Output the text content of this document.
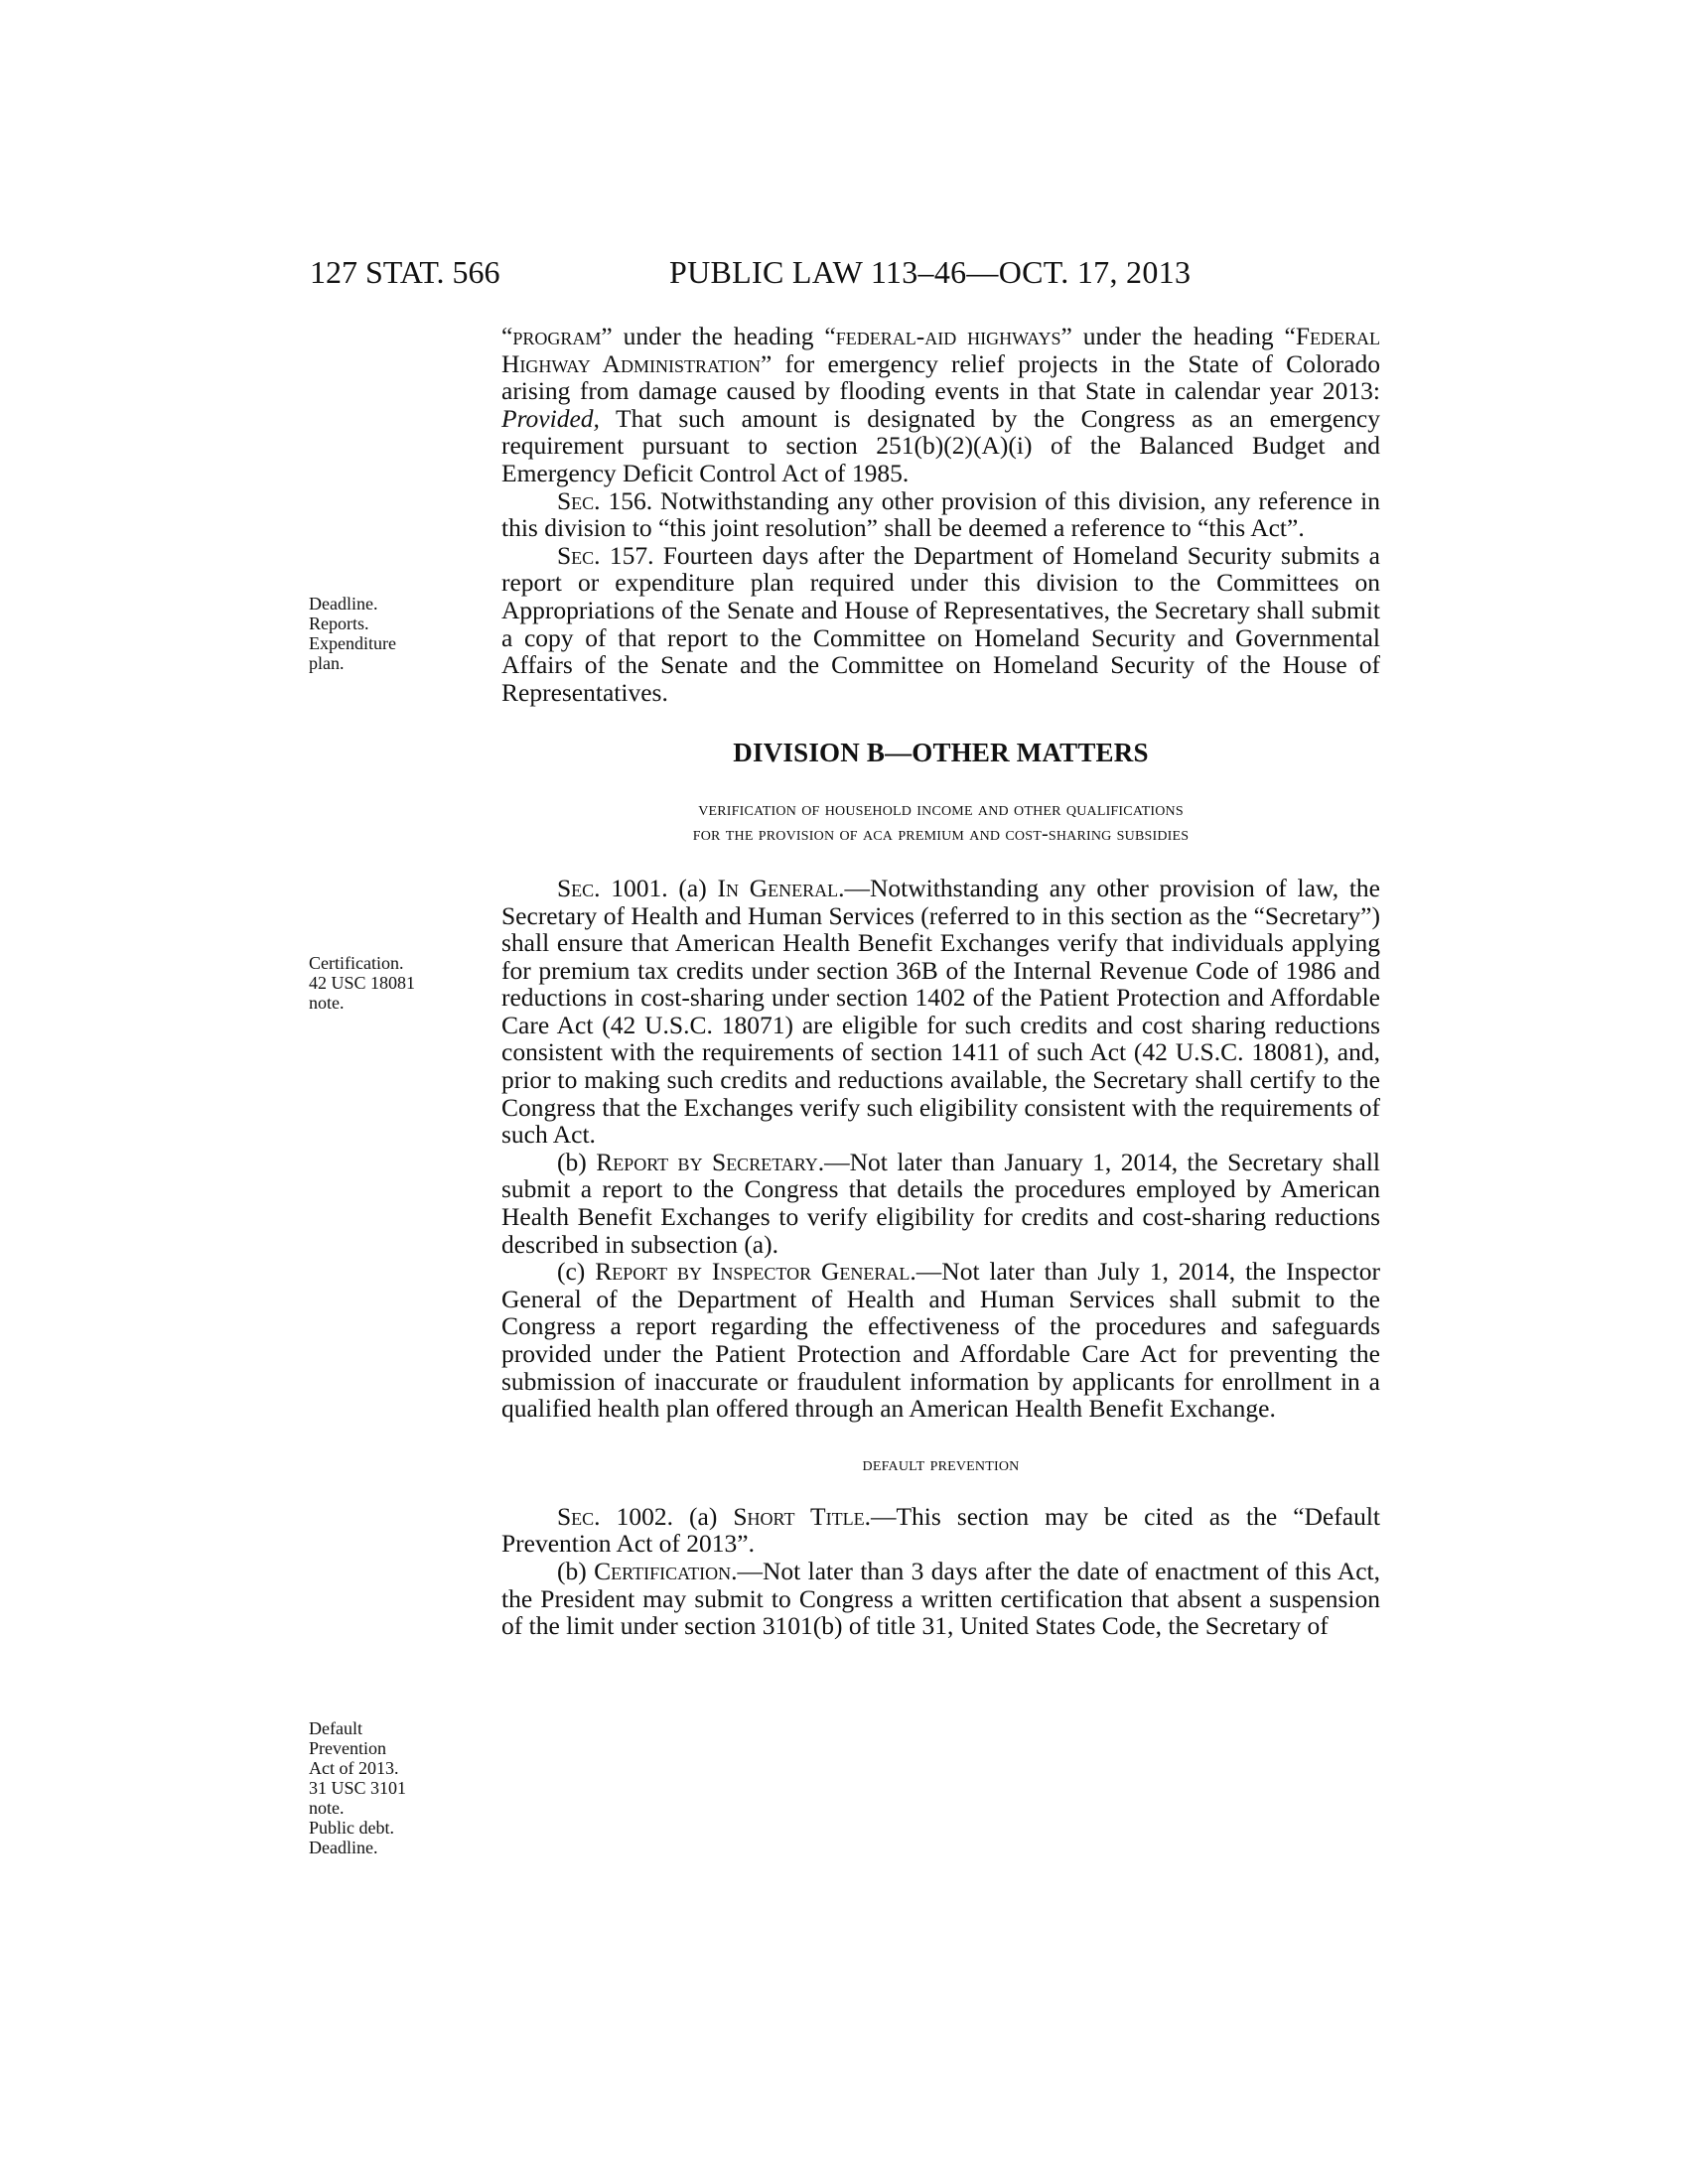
127 STAT. 566	PUBLIC LAW 113–46—OCT. 17, 2013
Deadline.
Reports.
Expenditure
plan.
Certification.
42 USC 18081
note.
Default
Prevention
Act of 2013.
31 USC 3101
note.
Public debt.
Deadline.

“program” under the heading “federal-aid highways” under the heading “Federal Highway Administration” for emergency relief projects in the State of Colorado arising from damage caused by flooding events in that State in calendar year 2013: Provided, That such amount is designated by the Congress as an emergency requirement pursuant to section 251(b)(2)(A)(i) of the Balanced Budget and Emergency Deficit Control Act of 1985.

Sec. 156. Notwithstanding any other provision of this division, any reference in this division to “this joint resolution” shall be deemed a reference to “this Act”.

Sec. 157. Fourteen days after the Department of Homeland Security submits a report or expenditure plan required under this division to the Committees on Appropriations of the Senate and House of Representatives, the Secretary shall submit a copy of that report to the Committee on Homeland Security and Governmental Affairs of the Senate and the Committee on Homeland Security of the House of Representatives.

DIVISION B—OTHER MATTERS

verification of household income and other qualifications
for the provision of aca premium and cost-sharing subsidies

Sec. 1001. (a) In General.—Notwithstanding any other provision of law, the Secretary of Health and Human Services (referred to in this section as the “Secretary”) shall ensure that American Health Benefit Exchanges verify that individuals applying for premium tax credits under section 36B of the Internal Revenue Code of 1986 and reductions in cost-sharing under section 1402 of the Patient Protection and Affordable Care Act (42 U.S.C. 18071) are eligible for such credits and cost sharing reductions consistent with the requirements of section 1411 of such Act (42 U.S.C. 18081), and, prior to making such credits and reductions available, the Secretary shall certify to the Congress that the Exchanges verify such eligibility consistent with the requirements of such Act.

(b) Report by Secretary.—Not later than January 1, 2014, the Secretary shall submit a report to the Congress that details the procedures employed by American Health Benefit Exchanges to verify eligibility for credits and cost-sharing reductions described in subsection (a).

(c) Report by Inspector General.—Not later than July 1, 2014, the Inspector General of the Department of Health and Human Services shall submit to the Congress a report regarding the effectiveness of the procedures and safeguards provided under the Patient Protection and Affordable Care Act for preventing the submission of inaccurate or fraudulent information by applicants for enrollment in a qualified health plan offered through an American Health Benefit Exchange.

default prevention

Sec. 1002. (a) Short Title.—This section may be cited as the “Default Prevention Act of 2013”.

(b) Certification.—Not later than 3 days after the date of enactment of this Act, the President may submit to Congress a written certification that absent a suspension of the limit under section 3101(b) of title 31, United States Code, the Secretary of
